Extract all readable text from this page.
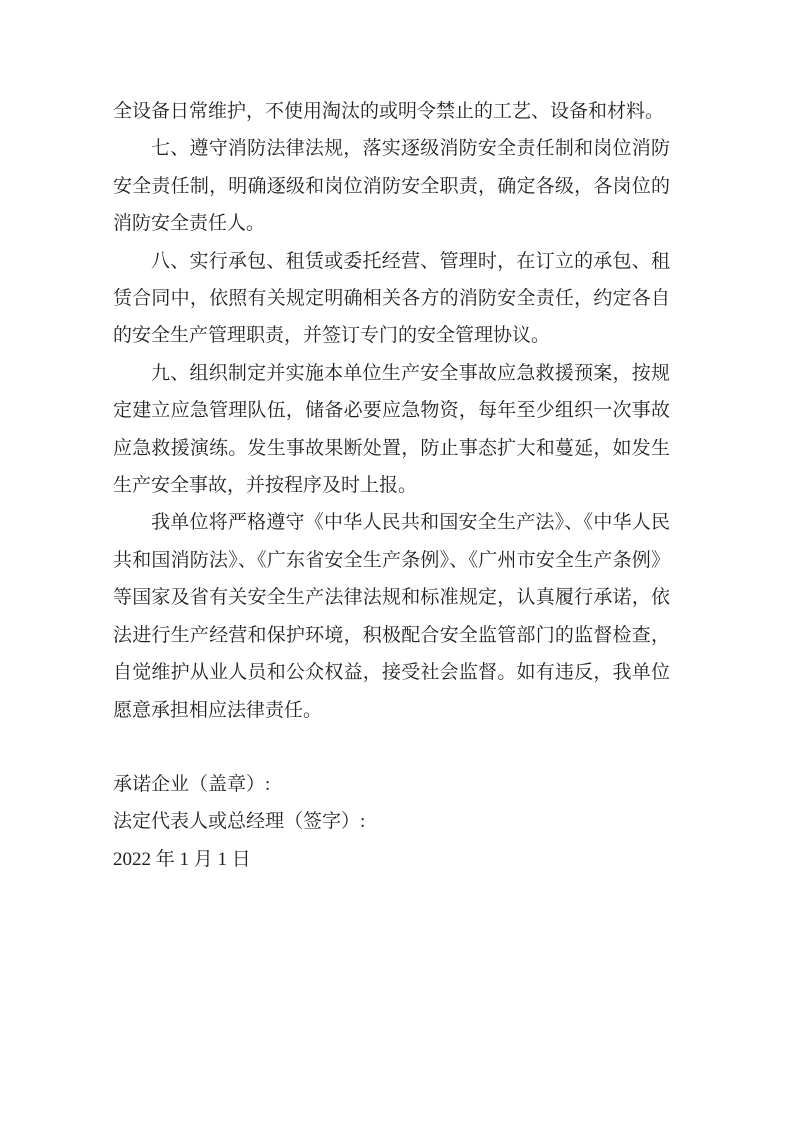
全设备日常维护，不使用淘汰的或明令禁止的工艺、设备和材料。

七、遵守消防法律法规，落实逐级消防安全责任制和岗位消防安全责任制，明确逐级和岗位消防安全职责，确定各级，各岗位的消防安全责任人。

八、实行承包、租赁或委托经营、管理时，在订立的承包、租赁合同中，依照有关规定明确相关各方的消防安全责任，约定各自的安全生产管理职责，并签订专门的安全管理协议。

九、组织制定并实施本单位生产安全事故应急救援预案，按规定建立应急管理队伍，储备必要应急物资，每年至少组织一次事故应急救援演练。发生事故果断处置，防止事态扩大和蔓延，如发生生产安全事故，并按程序及时上报。

我单位将严格遵守《中华人民共和国安全生产法》、《中华人民共和国消防法》、《广东省安全生产条例》、《广州市安全生产条例》等国家及省有关安全生产法律法规和标准规定，认真履行承诺，依法进行生产经营和保护环境，积极配合安全监管部门的监督检查，自觉维护从业人员和公众权益，接受社会监督。如有违反，我单位愿意承担相应法律责任。

承诺企业（盖章）:

法定代表人或总经理（签字）:

2022 年 1 月 1 日
